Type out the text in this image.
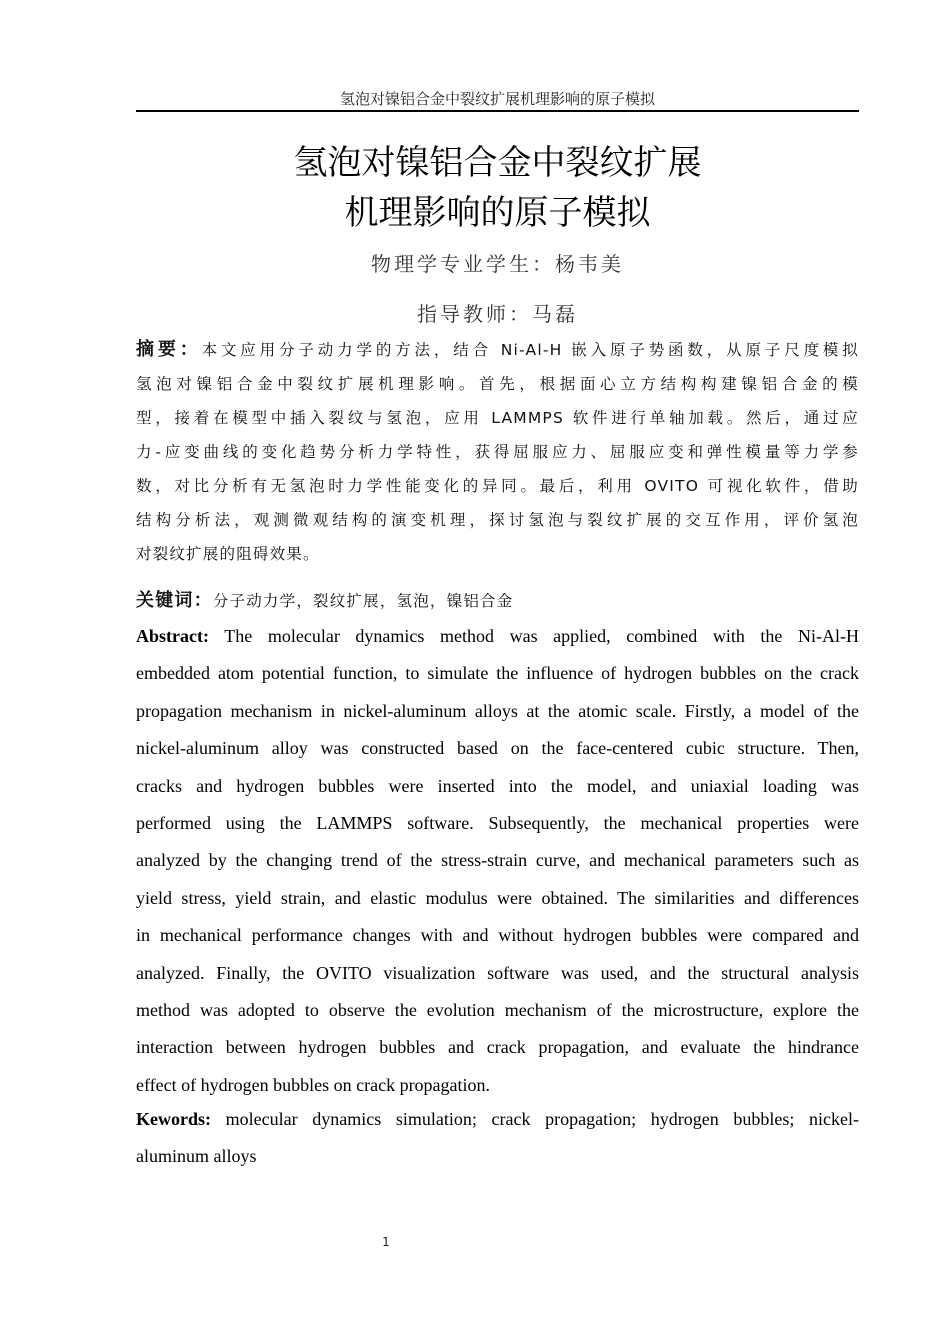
氢泡对镍铝合金中裂纹扩展机理影响的原子模拟
氢泡对镍铝合金中裂纹扩展
机理影响的原子模拟
物理学专业学生：杨韦美
指导教师：马磊
摘要：本文应用分子动力学的方法，结合 Ni-Al-H 嵌入原子势函数，从原子尺度模拟
氢泡对镍铝合金中裂纹扩展机理影响。首先，根据面心立方结构构建镍铝合金的模
型，接着在模型中插入裂纹与氢泡，应用 LAMMPS 软件进行单轴加载。然后，通过应
力-应变曲线的变化趋势分析力学特性，获得屈服应力、屈服应变和弹性模量等力学参
数，对比分析有无氢泡时力学性能变化的异同。最后，利用 OVITO 可视化软件，借助
结构分析法，观测微观结构的演变机理，探讨氢泡与裂纹扩展的交互作用，评价氢泡
对裂纹扩展的阻碍效果。
关键词：分子动力学，裂纹扩展，氢泡，镍铝合金
Abstract: The molecular dynamics method was applied, combined with the Ni-Al-H
embedded atom potential function, to simulate the influence of hydrogen bubbles on the crack
propagation mechanism in nickel-aluminum alloys at the atomic scale. Firstly, a model of the
nickel-aluminum alloy was constructed based on the face-centered cubic structure. Then,
cracks and hydrogen bubbles were inserted into the model, and uniaxial loading was
performed using the LAMMPS software. Subsequently, the mechanical properties were
analyzed by the changing trend of the stress-strain curve, and mechanical parameters such as
yield stress, yield strain, and elastic modulus were obtained. The similarities and differences
in mechanical performance changes with and without hydrogen bubbles were compared and
analyzed. Finally, the OVITO visualization software was used, and the structural analysis
method was adopted to observe the evolution mechanism of the microstructure, explore the
interaction between hydrogen bubbles and crack propagation, and evaluate the hindrance
effect of hydrogen bubbles on crack propagation.
Kewords: molecular dynamics simulation; crack propagation; hydrogen bubbles; nickel-
aluminum alloys
1
